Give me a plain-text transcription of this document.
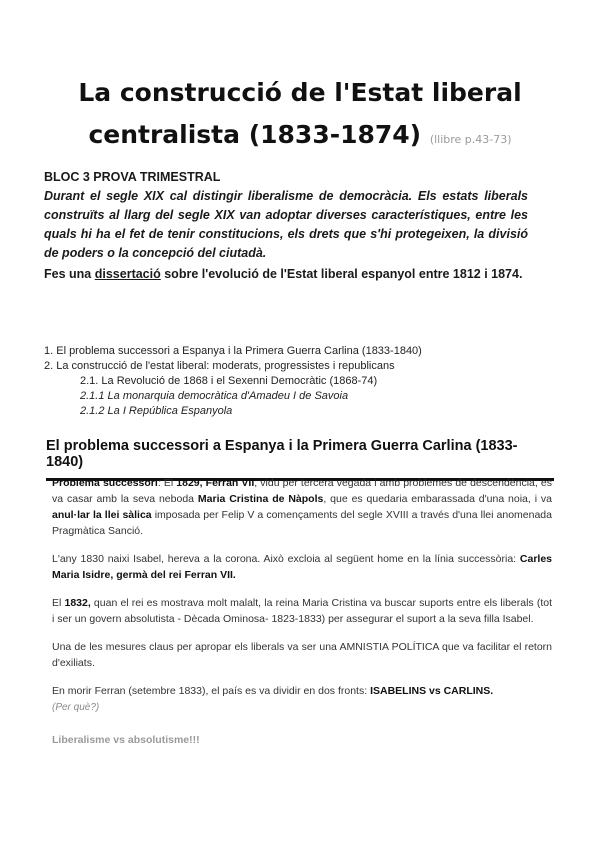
La construcció de l'Estat liberal
centralista (1833-1874) (llibre p.43-73)
BLOC 3 PROVA TRIMESTRAL
Durant el segle XIX cal distingir liberalisme de democràcia. Els estats liberals construïts al llarg del segle XIX van adoptar diverses característiques, entre les quals hi ha el fet de tenir constitucions, els drets que s'hi protegeixen, la divisió de poders o la concepció del ciutadà.
Fes una dissertació sobre l'evolució de l'Estat liberal espanyol entre 1812 i 1874.
1. El problema successori a Espanya i la Primera Guerra Carlina (1833-1840)
2. La construcció de l'estat liberal: moderats, progressistes i republicans
2.1. La Revolució de 1868 i el Sexenni Democràtic (1868-74)
2.1.1 La monarquia democràtica d'Amadeu I de Savoia
2.1.2 La I República Espanyola
El problema successori a Espanya i la Primera Guerra Carlina (1833-1840)

Problema successori: El 1829, Ferran VII, vidu per tercera vegada i amb problemes de descendència, es va casar amb la seva neboda Maria Cristina de Nàpols, que es quedaria embarassada d'una noia, i va anul·lar la llei sàlica imposada per Felip V a començaments del segle XVIII a través d'una llei anomenada Pragmàtica Sanció.

L'any 1830 naixi Isabel, hereva a la corona. Això excloia al següent home en la línia successòria: Carles Maria Isidre, germà del rei Ferran VII.

El 1832, quan el rei es mostrava molt malalt, la reina Maria Cristina va buscar suports entre els liberals (tot i ser un govern absolutista - Dècada Ominosa- 1823-1833) per assegurar el suport a la seva filla Isabel.

Una de les mesures claus per apropar els liberals va ser una AMNISTIA POLÍTICA que va facilitar el retorn d'exiliats.

En morir Ferran (setembre 1833), el país es va dividir en dos fronts: ISABELINS vs CARLINS.
(Per què?)

Liberalisme vs absolutisme!!!
